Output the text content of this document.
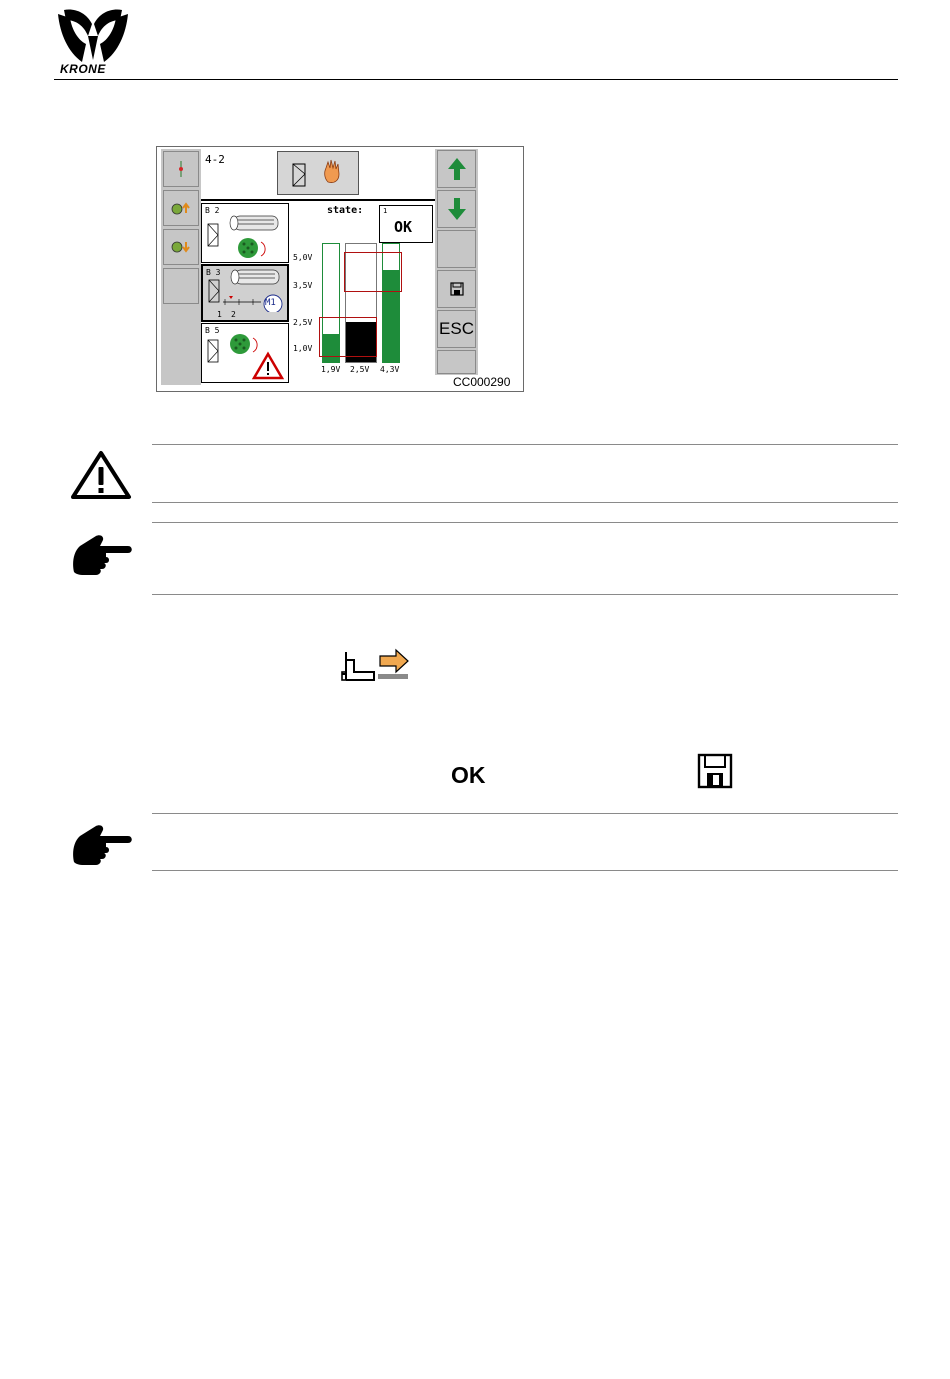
KRONE
4-2
B 2
B 3
M1
1 2
B 5
state:	1
OK
5,0V
3,5V
2,5V
1,0V
1,9V 2,5V 4,3V
ESC
CC000290
OK
